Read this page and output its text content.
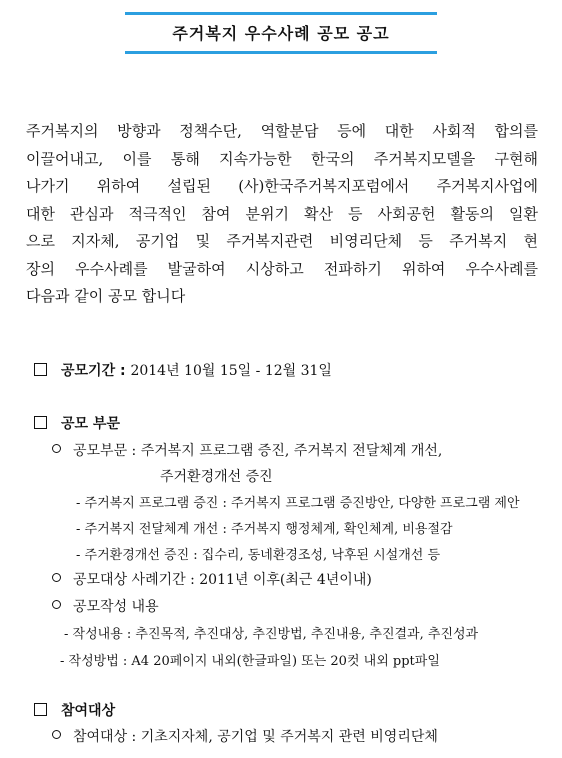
주거복지 우수사례 공모 공고

주거복지의 방향과 정책수단, 역할분담 등에 대한 사회적 합의를

이끌어내고, 이를 통해 지속가능한 한국의 주거복지모델을 구현해

나가기 위하여 설립된 (사)한국주거복지포럼에서 주거복지사업에

대한 관심과 적극적인 참여 분위기 확산 등 사회공헌 활동의 일환

으로 지자체, 공기업 및 주거복지관련 비영리단체 등 주거복지 현

장의 우수사례를 발굴하여 시상하고 전파하기 위하여 우수사례를

다음과 같이 공모 합니다

공모기간 : 2014년 10월 15일 - 12월 31일
공모 부문
공모부문 : 주거복지 프로그램 증진, 주거복지 전달체계 개선,
주거환경개선 증진
- 주거복지 프로그램 증진 : 주거복지 프로그램 증진방안, 다양한 프로그램 제안
- 주거복지 전달체계 개선 : 주거복지 행정체계, 확인체계, 비용절감
- 주거환경개선 증진 : 집수리, 동네환경조성, 낙후된 시설개선 등
공모대상 사례기간 : 2011년 이후(최근 4년이내)
공모작성 내용
- 작성내용 : 추진목적, 추진대상, 추진방법, 추진내용, 추진결과, 추진성과
- 작성방법 : A4 20페이지 내외(한글파일) 또는 20컷 내외 ppt파일
참여대상
참여대상 : 기초지자체, 공기업 및 주거복지 관련 비영리단체
